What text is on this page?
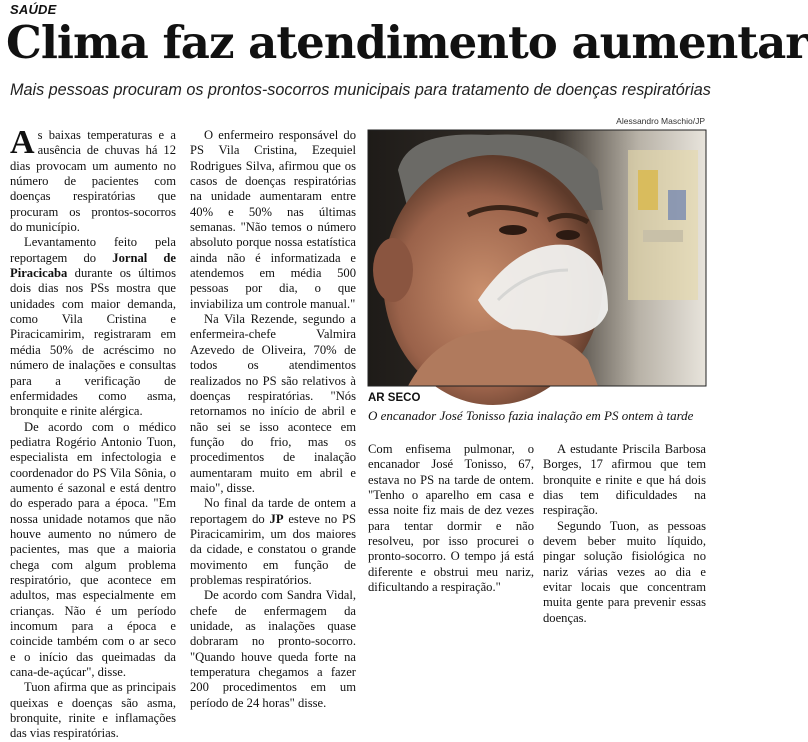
SAÚDE
Clima faz atendimento aumentar
Mais pessoas procuram os prontos-socorros municipais para tratamento de doenças respiratórias

As baixas temperaturas e a ausência de chuvas há 12 dias provocam um aumento no número de pacientes com doenças respiratórias que procuram os prontos-socorros do município.

Levantamento feito pela reportagem do Jornal de Piracicaba durante os últimos dois dias nos PSs mostra que unidades com maior demanda, como Vila Cristina e Piracicamirim, registraram em média 50% de acréscimo no número de inalações e consultas para a verificação de enfermidades como asma, bronquite e rinite alérgica.

De acordo com o médico pediatra Rogério Antonio Tuon, especialista em infectologia e coordenador do PS Vila Sônia, o aumento é sazonal e está dentro do esperado para a época. "Em nossa unidade notamos que não houve aumento no número de pacientes, mas que a maioria chega com algum problema respiratório, que acontece em adultos, mas especialmente em crianças. Não é um período incomum para a época e coincide também com o ar seco e o início das queimadas da cana-de-açúcar", disse.

Tuon afirma que as principais queixas e doenças são asma, bronquite, rinite e inflamações das vias respiratórias.

O enfermeiro responsável do PS Vila Cristina, Ezequiel Rodrigues Silva, afirmou que os casos de doenças respiratórias na unidade aumentaram entre 40% e 50% nas últimas semanas. "Não temos o número absoluto porque nossa estatística ainda não é informatizada e atendemos em média 500 pessoas por dia, o que inviabiliza um controle manual."

Na Vila Rezende, segundo a enfermeira-chefe Valmira Azevedo de Oliveira, 70% de todos os atendimentos realizados no PS são relativos à doenças respiratórias. "Nós retornamos no início de abril e não sei se isso acontece em função do frio, mas os procedimentos de inalação aumentaram muito em abril e maio", disse.

No final da tarde de ontem a reportagem do JP esteve no PS Piracicamirim, um dos maiores da cidade, e constatou o grande movimento em função de problemas respiratórios.

De acordo com Sandra Vidal, chefe de enfermagem da unidade, as inalações quase dobraram no pronto-socorro. "Quando houve queda forte na temperatura chegamos a fazer 200 procedimentos em um período de 24 horas" disse.

Alessandro Maschio/JP
AR SECO
O encanador José Tonisso fazia inalação em PS ontem à tarde

Com enfisema pulmonar, o encanador José Tonisso, 67, estava no PS na tarde de ontem. "Tenho o aparelho em casa e essa noite fiz mais de dez vezes para tentar dormir e não resolveu, por isso procurei o pronto-socorro. O tempo já está diferente e obstrui meu nariz, dificultando a respiração."

A estudante Priscila Barbosa Borges, 17 afirmou que tem bronquite e rinite e que há dois dias tem dificuldades na respiração.

Segundo Tuon, as pessoas devem beber muito líquido, pingar solução fisiológica no nariz várias vezes ao dia e evitar locais que concentram muita gente para prevenir essas doenças.
